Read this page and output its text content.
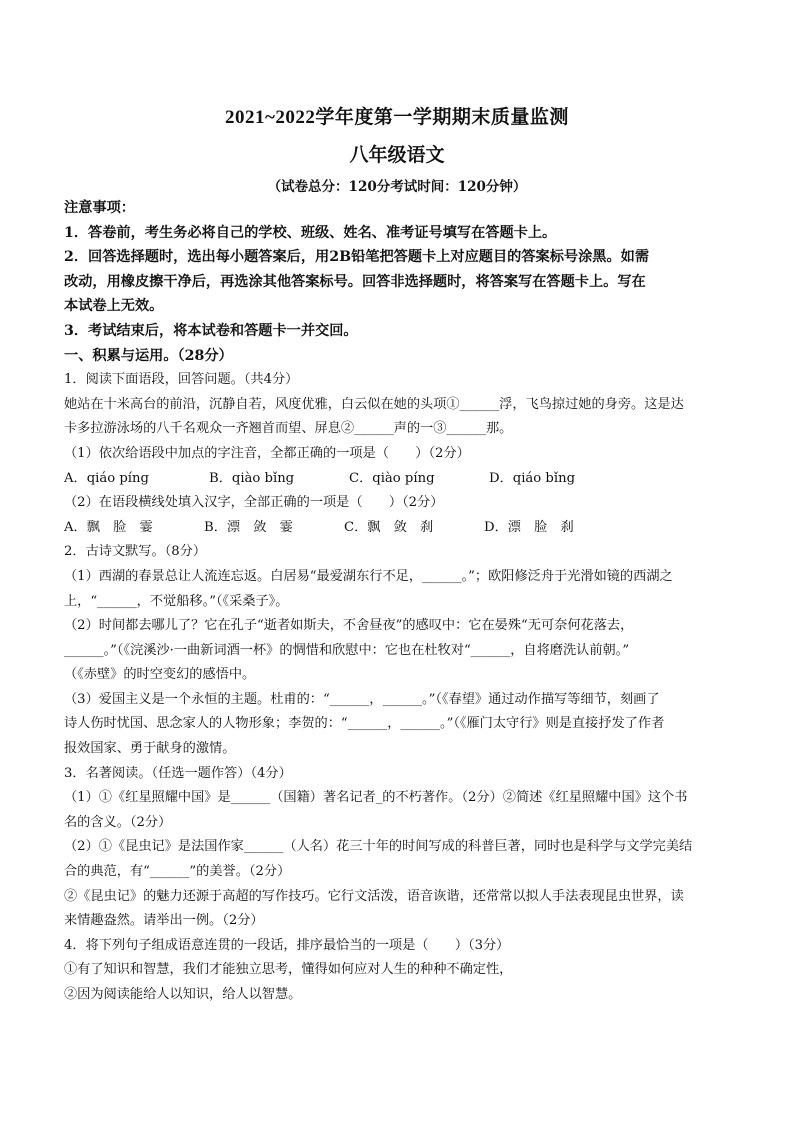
2021~2022学年度第一学期期末质量监测
八年级语文
（试卷总分：120分考试时间：120分钟）
注意事项：
1．答卷前，考生务必将自己的学校、班级、姓名、准考证号填写在答题卡上。
2．回答选择题时，选出每小题答案后，用2B铅笔把答题卡上对应题目的答案标号涂黑。如需
改动，用橡皮擦干净后，再选涂其他答案标号。回答非选择题时，将答案写在答题卡上。写在
本试卷上无效。
3．考试结束后，将本试卷和答题卡一并交回。
一、积累与运用。（28分）
1．阅读下面语段，回答问题。（共4分）
她站在十米高台的前沿，沉静自若，风度优雅，白云似在她的头项①______浮，飞鸟掠过她的身旁。这是达
卡多拉游泳场的八千名观众一齐翘首而望、屏息②______声的一③______那。
（1）依次给语段中加点的字注音，全都正确的一项是（　　）（2分）
A．qiáo píng	B．qiào bǐng	C．qiào píng	D．qiáo bǐng
（2）在语段横线处填入汉字，全部正确的一项是（　　）（2分）
A．飘　脸　霎	B．漂　敛　霎	C．飘　敛　刹	D．漂　脸　刹
2．古诗文默写。（8分）
（1）西湖的春景总让人流连忘返。白居易“最爱湖东行不足，______。”；欧阳修泛舟于光滑如镜的西湖之
上，“______，不觉船移。”（《采桑子》。
（2）时间都去哪儿了？它在孔子“逝者如斯夫，不舍昼夜”的感叹中：它在晏殊“无可奈何花落去，
______。”（《浣溪沙·一曲新词酒一杯》的惆惜和欣慰中：它也在杜牧对“______，自将磨洗认前朝。”
（《赤壁》的时空变幻的感悟中。
（3）爱国主义是一个永恒的主题。杜甫的：“______，______。”（《春望》通过动作描写等细节，刻画了
诗人伤时忧国、思念家人的人物形象；李贺的：“______，______。”（《雁门太守行》则是直接抒发了作者
报效国家、勇于献身的激情。
3．名著阅读。（任选一题作答）（4分）
（1）①《红星照耀中国》是______（国籍）著名记者_的不朽著作。（2分）②简述《红星照耀中国》这个书
名的含义。（2分）
（2）①《昆虫记》是法国作家______（人名）花三十年的时间写成的科普巨著，同时也是科学与文学完美结
合的典范，有“______”的美誉。（2分）
②《昆虫记》的魅力还源于高超的写作技巧。它行文活泼，语音诙谐，还常常以拟人手法表现昆虫世界，读
来情趣盎然。请举出一例。（2分）
4．将下列句子组成语意连贯的一段话，排序最恰当的一项是（　　）（3分）
①有了知识和智慧，我们才能独立思考，懂得如何应对人生的种种不确定性，
②因为阅读能给人以知识，给人以智慧。
